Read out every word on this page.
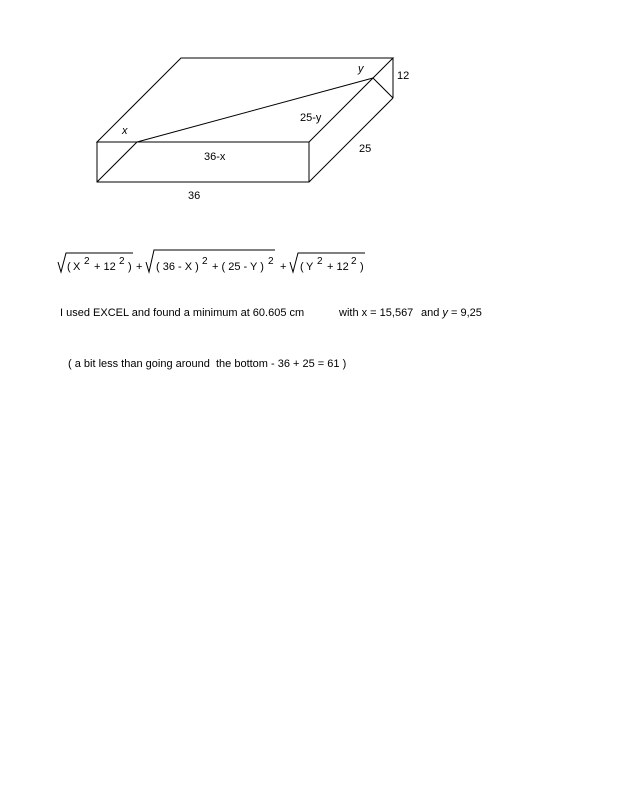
x
y
25-y
36-x
12
25
36
( X 2 + 12 2 ) + ( 36 - X ) 2 + ( 25 - Y ) 2 + ( Y 2 + 12 2 )

I used EXCEL and found a minimum at 60.605 cm	with x = 15,567 and y = 9,25

( a bit less than going around  the bottom - 36 + 25 = 61 )
